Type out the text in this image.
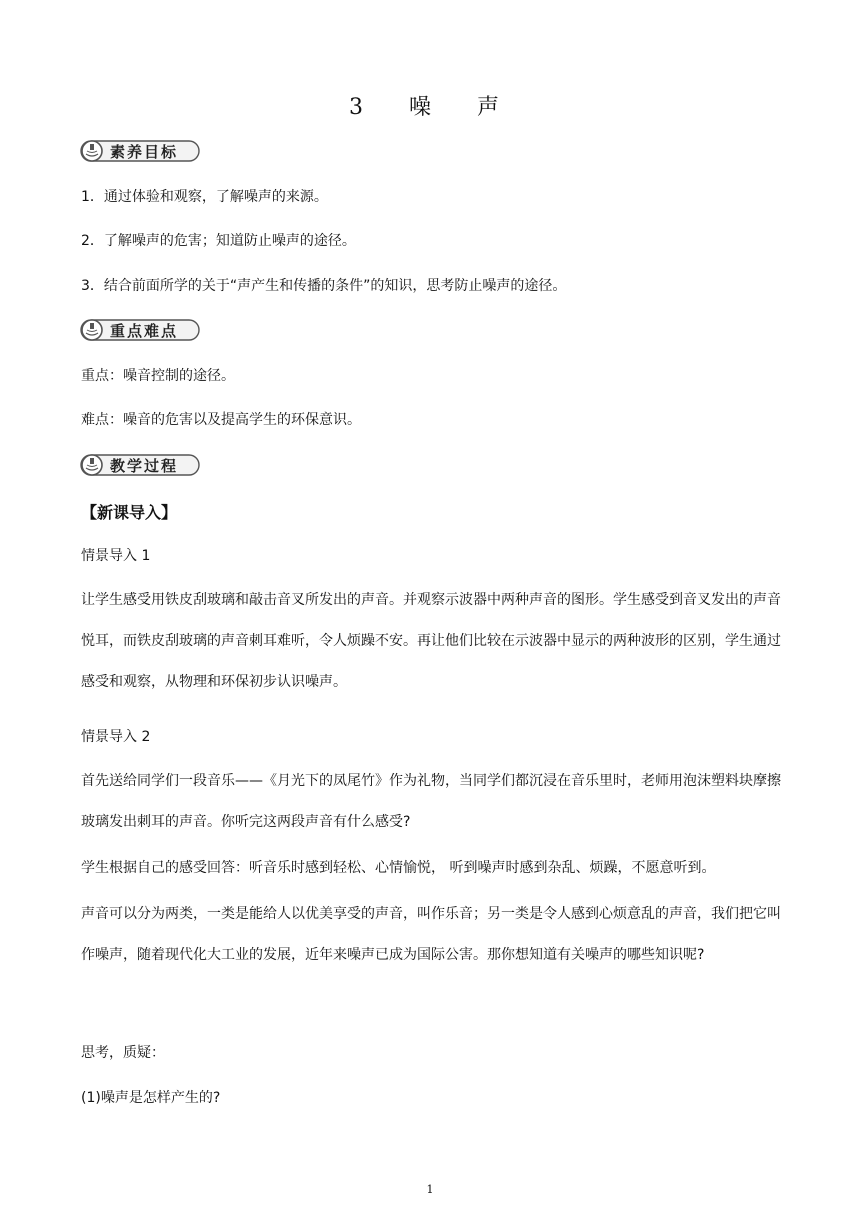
3　噪　声
素养目标
1．通过体验和观察，了解噪声的来源。
2．了解噪声的危害；知道防止噪声的途径。
3．结合前面所学的关于“声产生和传播的条件”的知识，思考防止噪声的途径。
重点难点
重点：噪音控制的途径。
难点：噪音的危害以及提高学生的环保意识。
教学过程
【新课导入】
情景导入 1
让学生感受用铁皮刮玻璃和敲击音叉所发出的声音。并观察示波器中两种声音的图形。学生感受到音叉发出的声音悦耳，而铁皮刮玻璃的声音刺耳难听，令人烦躁不安。再让他们比较在示波器中显示的两种波形的区别，学生通过感受和观察，从物理和环保初步认识噪声。
情景导入 2
首先送给同学们一段音乐——《月光下的凤尾竹》作为礼物，当同学们都沉浸在音乐里时，老师用泡沫塑料块摩擦玻璃发出刺耳的声音。你听完这两段声音有什么感受?
学生根据自己的感受回答：听音乐时感到轻松、心情愉悦， 听到噪声时感到杂乱、烦躁，不愿意听到。
声音可以分为两类，一类是能给人以优美享受的声音，叫作乐音；另一类是令人感到心烦意乱的声音，我们把它叫作噪声，随着现代化大工业的发展，近年来噪声已成为国际公害。那你想知道有关噪声的哪些知识呢?
思考，质疑：
(1)噪声是怎样产生的?
1
